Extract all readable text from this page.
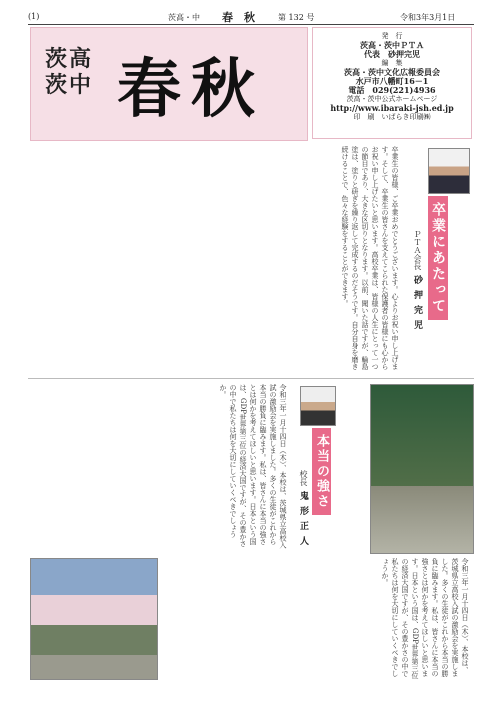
(1)	茨高・中 春　秋	第 132 号	令和3年3月1日
茨高
茨中 春秋
発　行
茨高・茨中ＰＴＡ
代表　砂押完児
編　集
茨高・茨中文化広報委員会
水戸市八幡町16－1
電話　029(221)4936
茨高・茨中公式ホームページ
http://www.ibaraki-jsh.ed.jp
印　刷　いばらき印刷㈱
卒業にあたって
ＰＴＡ会長 砂押完児
卒業生の皆様、ご卒業おめでとうございます。心よりお祝い申し上げます。そして、卒業生の皆さんを支えてこられた保護者の皆様にも心からお祝い申し上げたいと思います。高校卒業は、皆様の人生にとって一つの節目であり、大きな区切りとなります。以前、聞いた話ですが、輪島塗は、塗りと研ぎを繰り返して完成するのだそうです。自分自身を磨き続けることで、色々な経験をすることができます。
本当の強さ
校長 鬼形正人
令和三年一月十四日（木）、本校は、茨城県立高校入試の激励会を実施しました。多くの生徒がこれから本当の勝負に臨みます。私は、皆さんに本当の強さとは何かを考えてほしいと思います。日本という国は、GDP世界第三位の経済大国ですが、その豊かさの中で私たちは何を大切にしていくべきでしょうか。
令和三年一月十四日（木）、本校は、茨城県立高校入試の激励会を実施しました。多くの生徒がこれから本当の勝負に臨みます。私は、皆さんに本当の強さとは何かを考えてほしいと思います。日本という国は、GDP世界第三位の経済大国ですが、その豊かさの中で私たちは何を大切にしていくべきでしょうか。
